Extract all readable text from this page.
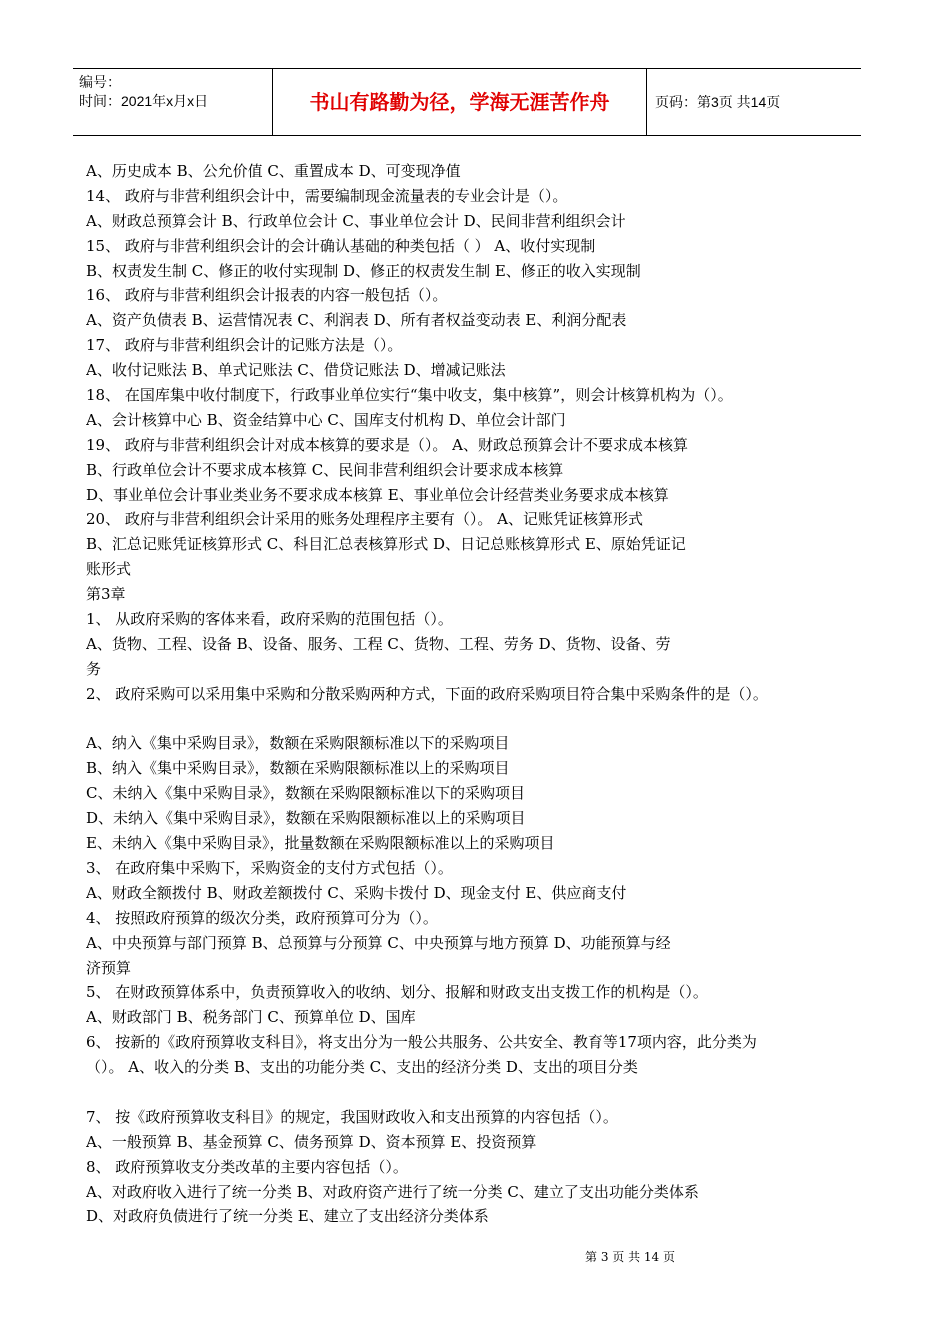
编号：
时间：2021年x月x日	书山有路勤为径，学海无涯苦作舟	页码：第3页 共14页
A、历史成本 B、公允价值 C、重置成本 D、可变现净值
14、 政府与非营利组织会计中，需要编制现金流量表的专业会计是（）。
A、财政总预算会计 B、行政单位会计 C、事业单位会计 D、民间非营利组织会计
15、 政府与非营利组织会计的会计确认基础的种类包括（ ） A、收付实现制
B、权责发生制 C、修正的收付实现制 D、修正的权责发生制 E、修正的收入实现制
16、 政府与非营利组织会计报表的内容一般包括（）。
A、资产负债表 B、运营情况表 C、利润表 D、所有者权益变动表 E、利润分配表
17、 政府与非营利组织会计的记账方法是（）。
A、收付记账法 B、单式记账法 C、借贷记账法 D、增减记账法
18、 在国库集中收付制度下，行政事业单位实行“集中收支，集中核算”，则会计核算机构为（）。
A、会计核算中心 B、资金结算中心 C、国库支付机构 D、单位会计部门
19、 政府与非营利组织会计对成本核算的要求是（）。 A、财政总预算会计不要求成本核算
B、行政单位会计不要求成本核算 C、民间非营利组织会计要求成本核算
D、事业单位会计事业类业务不要求成本核算 E、事业单位会计经营类业务要求成本核算
20、 政府与非营利组织会计采用的账务处理程序主要有（）。 A、记账凭证核算形式
B、汇总记账凭证核算形式 C、科目汇总表核算形式 D、日记总账核算形式 E、原始凭证记
账形式
第3章
1、 从政府采购的客体来看，政府采购的范围包括（）。
A、货物、工程、设备 B、设备、服务、工程 C、货物、工程、劳务 D、货物、设备、劳
务
2、 政府采购可以采用集中采购和分散采购两种方式，下面的政府采购项目符合集中采购条件的是（）。
A、纳入《集中采购目录》，数额在采购限额标准以下的采购项目
B、纳入《集中采购目录》，数额在采购限额标准以上的采购项目
C、未纳入《集中采购目录》，数额在采购限额标准以下的采购项目
D、未纳入《集中采购目录》，数额在采购限额标准以上的采购项目
E、未纳入《集中采购目录》，批量数额在采购限额标准以上的采购项目
3、 在政府集中采购下，采购资金的支付方式包括（）。
A、财政全额拨付 B、财政差额拨付 C、采购卡拨付 D、现金支付 E、供应商支付
4、 按照政府预算的级次分类，政府预算可分为（）。
A、中央预算与部门预算 B、总预算与分预算 C、中央预算与地方预算 D、功能预算与经
济预算
5、 在财政预算体系中，负责预算收入的收纳、划分、报解和财政支出支拨工作的机构是（）。
A、财政部门 B、税务部门 C、预算单位 D、国库
6、 按新的《政府预算收支科目》，将支出分为一般公共服务、公共安全、教育等17项内容，此分类为
（）。 A、收入的分类 B、支出的功能分类 C、支出的经济分类 D、支出的项目分类
7、 按《政府预算收支科目》的规定，我国财政收入和支出预算的内容包括（）。
A、一般预算 B、基金预算 C、债务预算 D、资本预算 E、投资预算
8、 政府预算收支分类改革的主要内容包括（）。
A、对政府收入进行了统一分类 B、对政府资产进行了统一分类 C、建立了支出功能分类体系
D、对政府负债进行了统一分类 E、建立了支出经济分类体系
第 3 页 共 14 页
